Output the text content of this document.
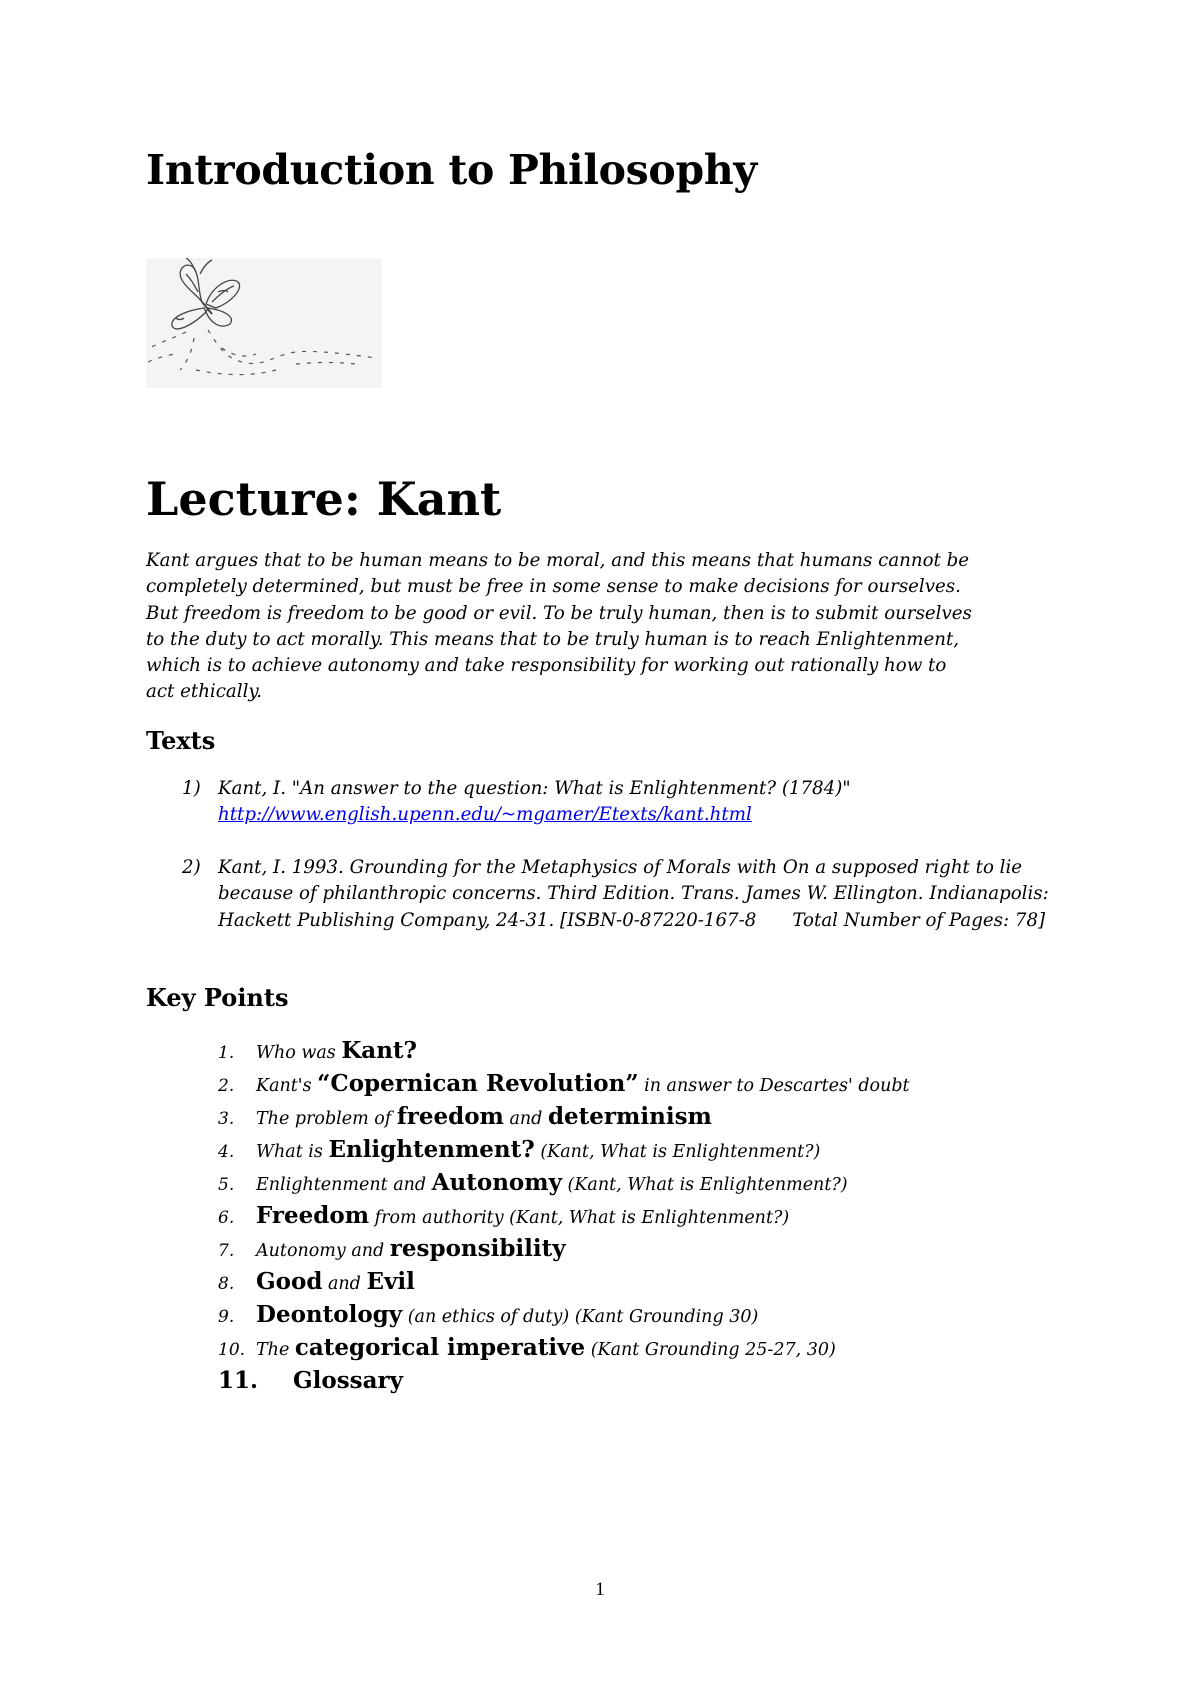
Introduction to Philosophy
Lecture: Kant
Kant argues that to be human means to be moral, and this means that humans cannot be completely determined, but must be free in some sense to make decisions for ourselves. But freedom is freedom to be good or evil. To be truly human, then is to submit ourselves to the duty to act morally. This means that to be truly human is to reach Enlightenment, which is to achieve autonomy and take responsibility for working out rationally how to act ethically.
Texts
1) Kant, I. "An answer to the question: What is Enlightenment? (1784)"
http://www.english.upenn.edu/~mgamer/Etexts/kant.html
2) Kant, I. 1993. Grounding for the Metaphysics of Morals with On a supposed right to lie because of philanthropic concerns. Third Edition. Trans. James W. Ellington. Indianapolis: Hackett Publishing Company, 24-31. [ISBN-0-87220-167-8 Total Number of Pages: 78]
Key Points
1. Who was Kant?
2. Kant's “Copernican Revolution” in answer to Descartes' doubt
3. The problem of freedom and determinism
4. What is Enlightenment? (Kant, What is Enlightenment?)
5. Enlightenment and Autonomy (Kant, What is Enlightenment?)
6. Freedom from authority (Kant, What is Enlightenment?)
7. Autonomy and responsibility
8. Good and Evil
9. Deontology (an ethics of duty) (Kant Grounding 30)
10. The categorical imperative (Kant Grounding 25-27, 30)
11. Glossary
1
